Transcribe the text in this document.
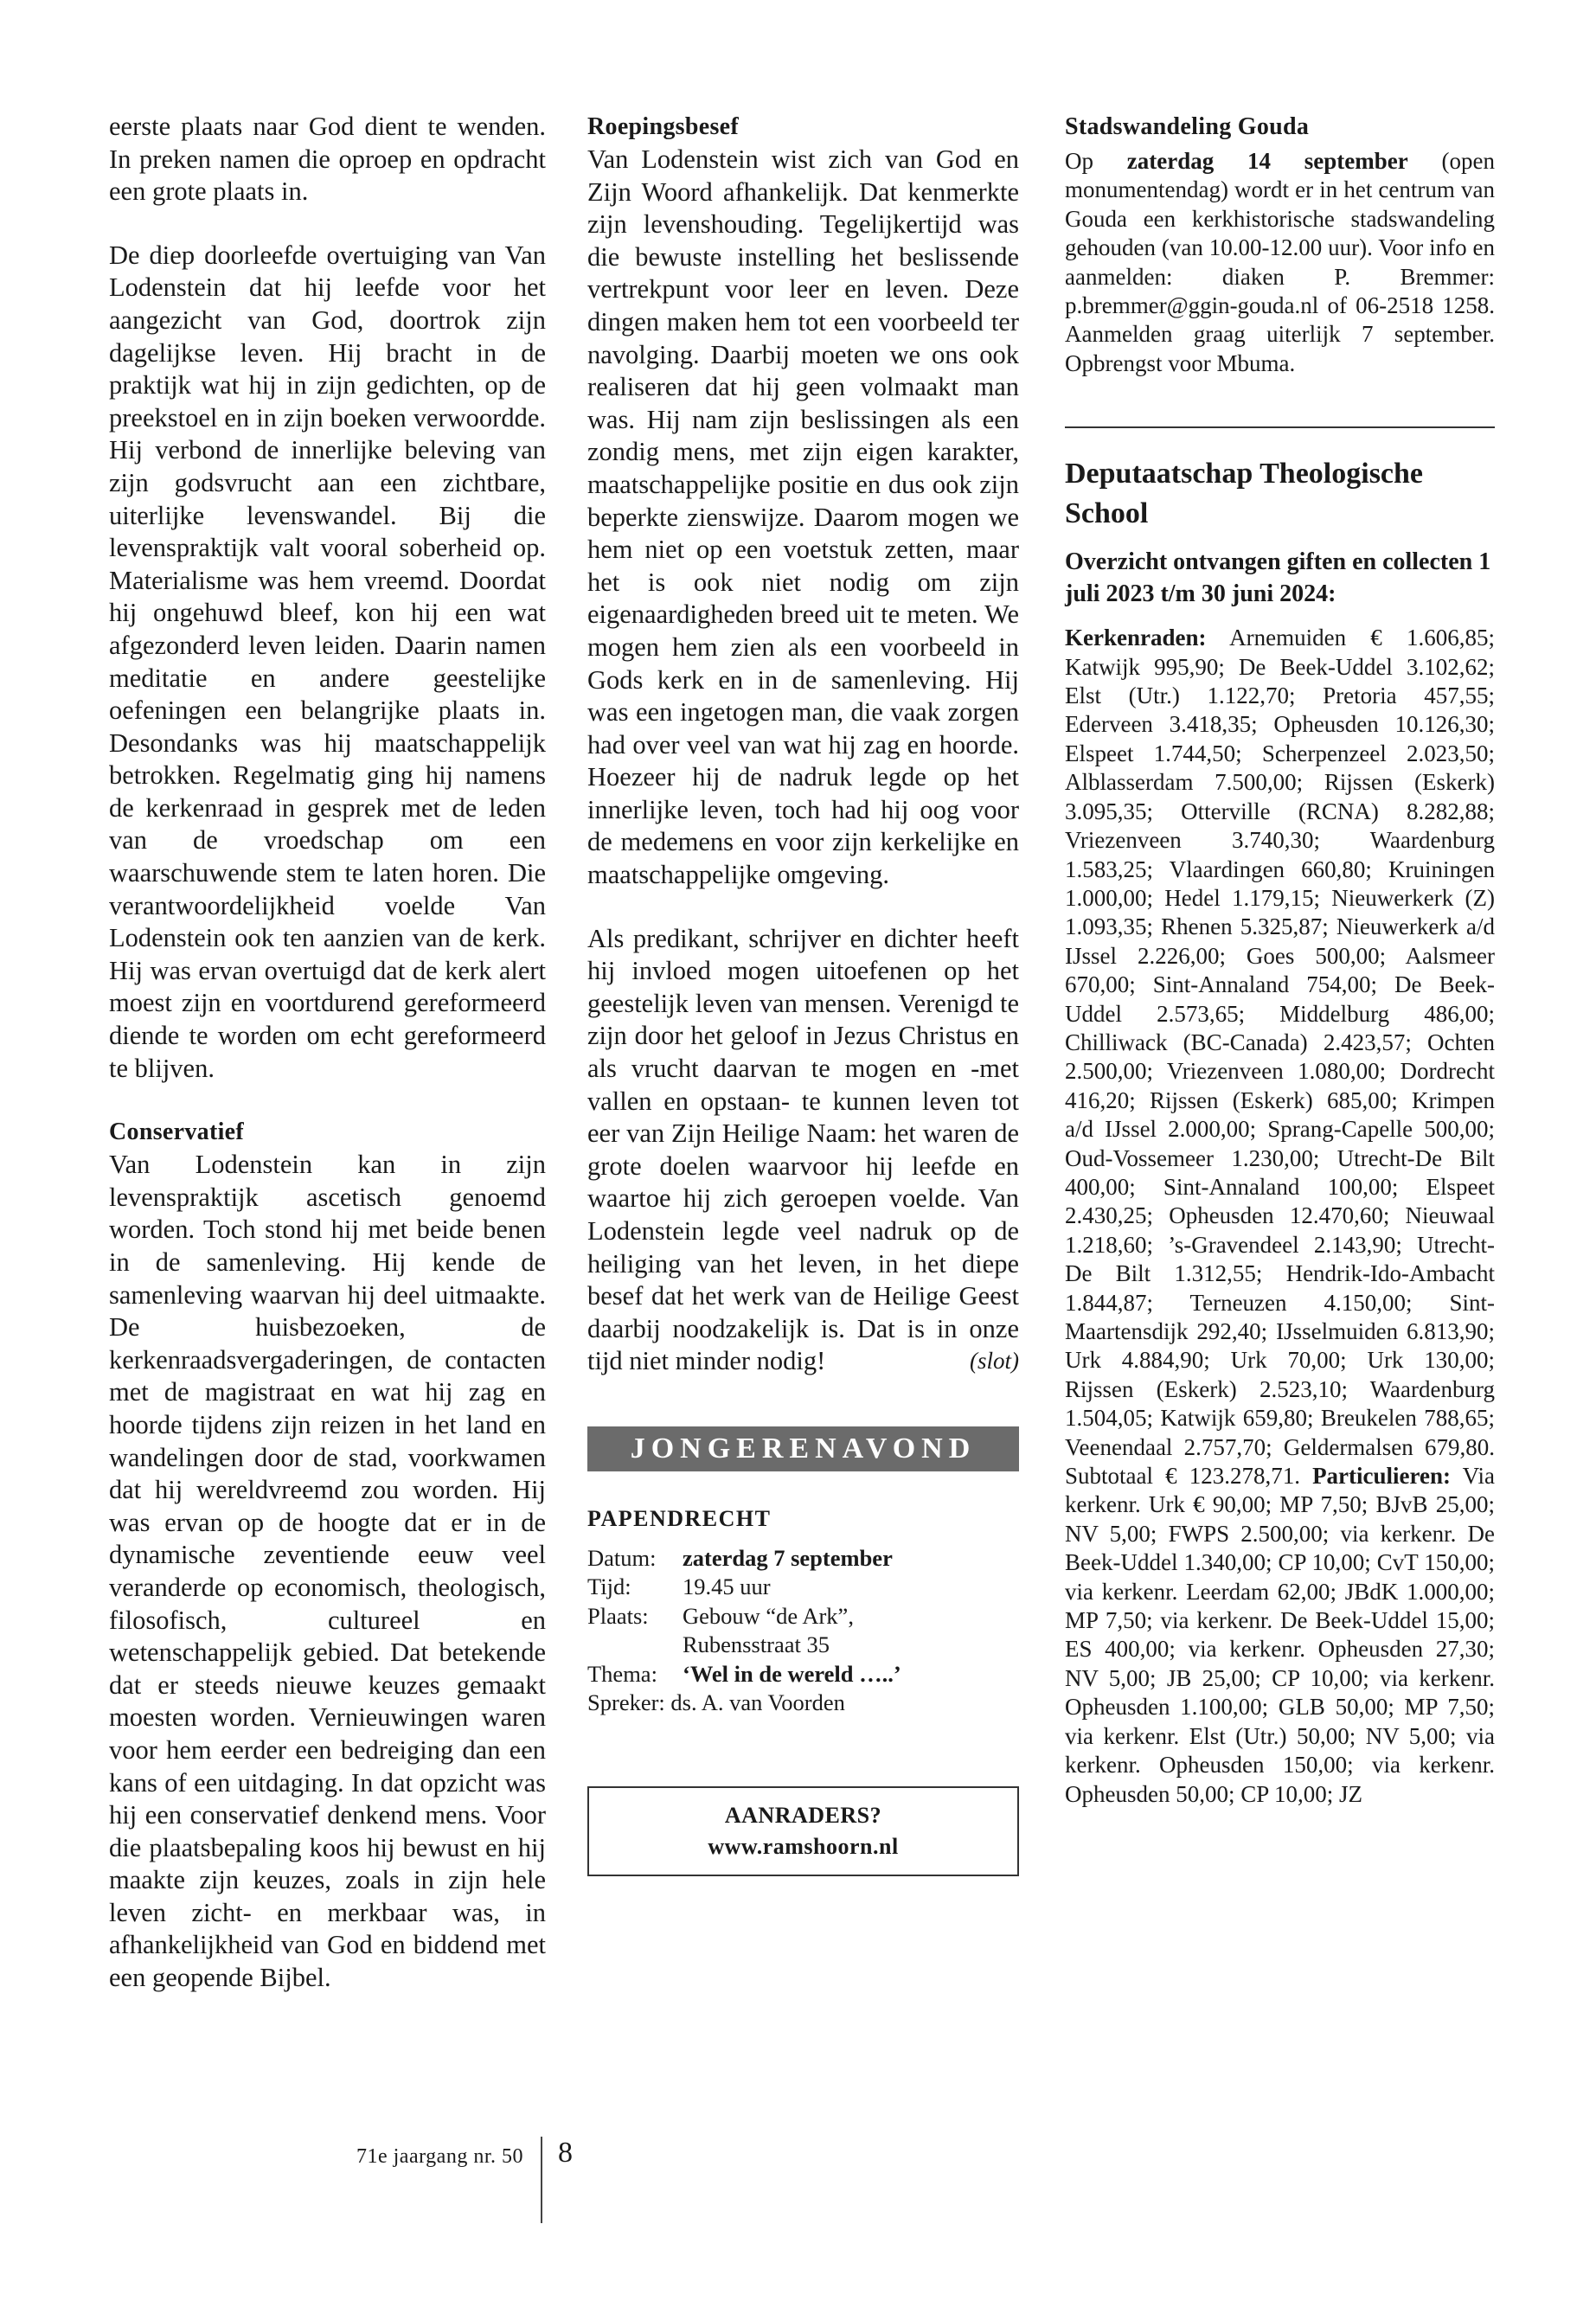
eerste plaats naar God dient te wenden. In preken namen die oproep en opdracht een grote plaats in.

De diep doorleefde overtuiging van Van Lodenstein dat hij leefde voor het aangezicht van God, doortrok zijn dagelijkse leven. Hij bracht in de praktijk wat hij in zijn gedichten, op de preekstoel en in zijn boeken verwoordde. Hij verbond de innerlijke beleving van zijn godsvrucht aan een zichtbare, uiterlijke levenswandel. Bij die levenspraktijk valt vooral soberheid op. Materialisme was hem vreemd. Doordat hij ongehuwd bleef, kon hij een wat afgezonderd leven leiden. Daarin namen meditatie en andere geestelijke oefeningen een belangrijke plaats in. Desondanks was hij maatschappelijk betrokken. Regelmatig ging hij namens de kerkenraad in gesprek met de leden van de vroedschap om een waarschuwende stem te laten horen. Die verantwoordelijkheid voelde Van Lodenstein ook ten aanzien van de kerk. Hij was ervan overtuigd dat de kerk alert moest zijn en voortdurend gereformeerd diende te worden om echt gereformeerd te blijven.

Conservatief

Van Lodenstein kan in zijn levenspraktijk ascetisch genoemd worden. Toch stond hij met beide benen in de samenleving. Hij kende de samenleving waarvan hij deel uitmaakte. De huisbezoeken, de kerkenraadsvergaderingen, de contacten met de magistraat en wat hij zag en hoorde tijdens zijn reizen in het land en wandelingen door de stad, voorkwamen dat hij wereldvreemd zou worden. Hij was ervan op de hoogte dat er in de dynamische zeventiende eeuw veel veranderde op economisch, theologisch, filosofisch, cultureel en wetenschappelijk gebied. Dat betekende dat er steeds nieuwe keuzes gemaakt moesten worden. Vernieuwingen waren voor hem eerder een bedreiging dan een kans of een uitdaging. In dat opzicht was hij een conservatief denkend mens. Voor die plaatsbepaling koos hij bewust en hij maakte zijn keuzes, zoals in zijn hele leven zicht- en merkbaar was, in afhankelijkheid van God en biddend met een geopende Bijbel.

Roepingsbesef

Van Lodenstein wist zich van God en Zijn Woord afhankelijk. Dat kenmerkte zijn levenshouding. Tegelijkertijd was die bewuste instelling het beslissende vertrekpunt voor leer en leven. Deze dingen maken hem tot een voorbeeld ter navolging. Daarbij moeten we ons ook realiseren dat hij geen volmaakt man was. Hij nam zijn beslissingen als een zondig mens, met zijn eigen karakter, maatschappelijke positie en dus ook zijn beperkte zienswijze. Daarom mogen we hem niet op een voetstuk zetten, maar het is ook niet nodig om zijn eigenaardigheden breed uit te meten. We mogen hem zien als een voorbeeld in Gods kerk en in de samenleving. Hij was een ingetogen man, die vaak zorgen had over veel van wat hij zag en hoorde. Hoezeer hij de nadruk legde op het innerlijke leven, toch had hij oog voor de medemens en voor zijn kerkelijke en maatschappelijke omgeving.

Als predikant, schrijver en dichter heeft hij invloed mogen uitoefenen op het geestelijk leven van mensen. Verenigd te zijn door het geloof in Jezus Christus en als vrucht daarvan te mogen en -met vallen en opstaan- te kunnen leven tot eer van Zijn Heilige Naam: het waren de grote doelen waarvoor hij leefde en waartoe hij zich geroepen voelde. Van Lodenstein legde veel nadruk op de heiliging van het leven, in het diepe besef dat het werk van de Heilige Geest daarbij noodzakelijk is. Dat is in onze tijd niet minder nodig!	(slot)

JONGERENAVOND
PAPENDRECHT
Datum:	zaterdag 7 september
Tijd:	19.45 uur
Plaats:	Gebouw “de Ark”,
	Rubensstraat 35
Thema:	‘Wel in de wereld …..’
Spreker: ds. A. van Voorden	
AANRADERS?
www.ramshoorn.nl
Stadswandeling Gouda

Op zaterdag 14 september (open monumentendag) wordt er in het centrum van Gouda een kerkhistorische stadswandeling gehouden (van 10.00-12.00 uur). Voor info en aanmelden: diaken P. Bremmer: p.bremmer@ggin-gouda.nl of 06-2518 1258. Aanmelden graag uiterlijk 7 september. Opbrengst voor Mbuma.

Deputaatschap Theologische School
Overzicht ontvangen giften en collecten 1 juli 2023 t/m 30 juni 2024:

Kerkenraden: Arnemuiden € 1.606,85; Katwijk 995,90; De Beek-Uddel 3.102,62; Elst (Utr.) 1.122,70; Pretoria 457,55; Ederveen 3.418,35; Opheusden 10.126,30; Elspeet 1.744,50; Scherpenzeel 2.023,50; Alblasserdam 7.500,00; Rijssen (Eskerk) 3.095,35; Otterville (RCNA) 8.282,88; Vriezenveen 3.740,30; Waardenburg 1.583,25; Vlaardingen 660,80; Kruiningen 1.000,00; Hedel 1.179,15; Nieuwerkerk (Z) 1.093,35; Rhenen 5.325,87; Nieuwerkerk a/d IJssel 2.226,00; Goes 500,00; Aalsmeer 670,00; Sint-Annaland 754,00; De Beek-Uddel 2.573,65; Middelburg 486,00; Chilliwack (BC-Canada) 2.423,57; Ochten 2.500,00; Vriezenveen 1.080,00; Dordrecht 416,20; Rijssen (Eskerk) 685,00; Krimpen a/d IJssel 2.000,00; Sprang-Capelle 500,00; Oud-Vossemeer 1.230,00; Utrecht-De Bilt 400,00; Sint-Annaland 100,00; Elspeet 2.430,25; Opheusden 12.470,60; Nieuwaal 1.218,60; ’s-Gravendeel 2.143,90; Utrecht-De Bilt 1.312,55; Hendrik-Ido-Ambacht 1.844,87; Terneuzen 4.150,00; Sint-Maartensdijk 292,40; IJsselmuiden 6.813,90; Urk 4.884,90; Urk 70,00; Urk 130,00; Rijssen (Eskerk) 2.523,10; Waardenburg 1.504,05; Katwijk 659,80; Breukelen 788,65; Veenendaal 2.757,70; Geldermalsen 679,80. Subtotaal € 123.278,71. Particulieren: Via kerkenr. Urk € 90,00; MP 7,50; BJvB 25,00; NV 5,00; FWPS 2.500,00; via kerkenr. De Beek-Uddel 1.340,00; CP 10,00; CvT 150,00; via kerkenr. Leerdam 62,00; JBdK 1.000,00; MP 7,50; via kerkenr. De Beek-Uddel 15,00; ES 400,00; via kerkenr. Opheusden 27,30; NV 5,00; JB 25,00; CP 10,00; via kerkenr. Opheusden 1.100,00; GLB 50,00; MP 7,50; via kerkenr. Elst (Utr.) 50,00; NV 5,00; via kerkenr. Opheusden 150,00; via kerkenr. Opheusden 50,00; CP 10,00; JZ

71e jaargang nr. 50 8
